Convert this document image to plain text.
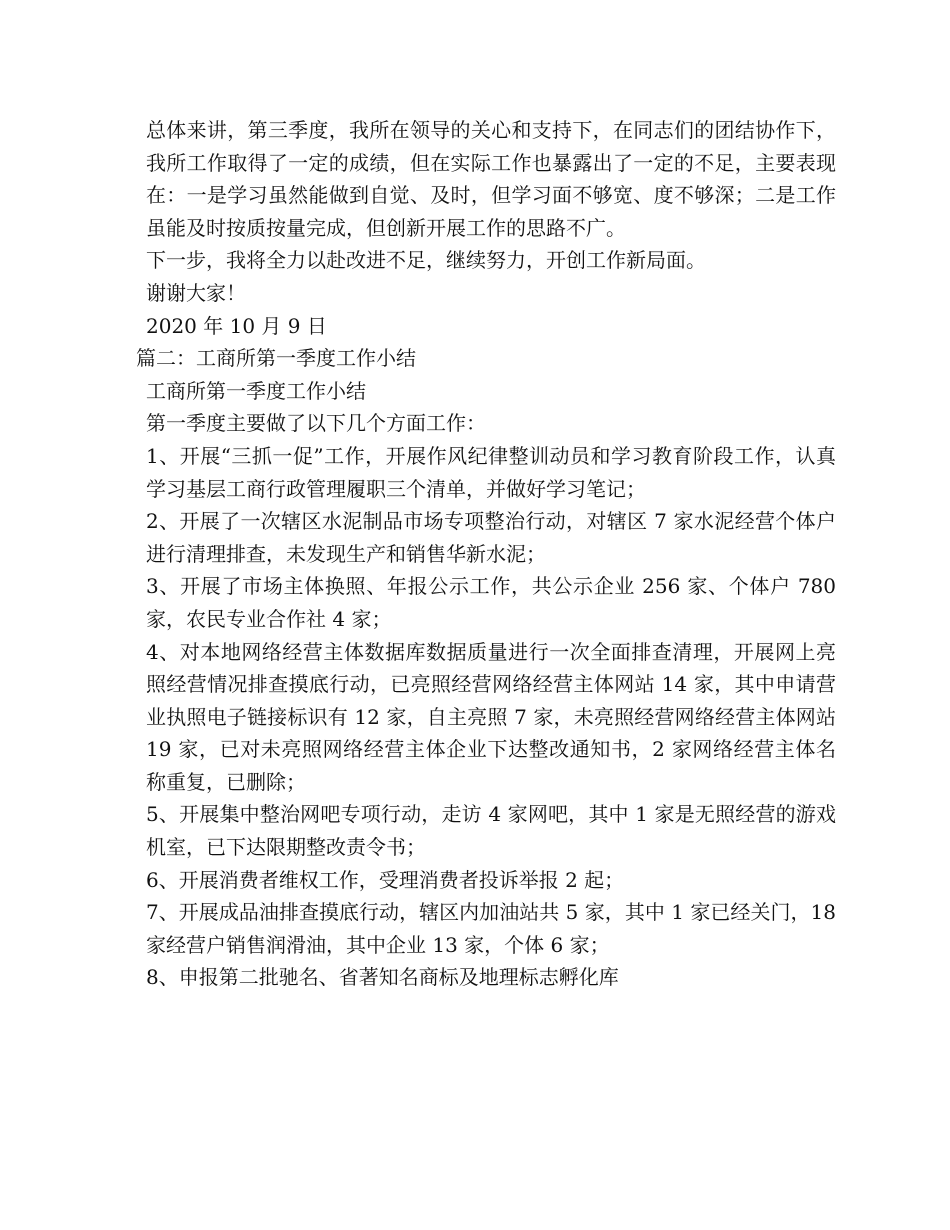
总体来讲，第三季度，我所在领导的关心和支持下，在同志们的团结协作下，我所工作取得了一定的成绩，但在实际工作也暴露出了一定的不足，主要表现在：一是学习虽然能做到自觉、及时，但学习面不够宽、度不够深；二是工作虽能及时按质按量完成，但创新开展工作的思路不广。

下一步，我将全力以赴改进不足，继续努力，开创工作新局面。

谢谢大家！

2020 年 10 月 9 日

篇二：工商所第一季度工作小结

工商所第一季度工作小结

第一季度主要做了以下几个方面工作：

1、开展“三抓一促”工作，开展作风纪律整训动员和学习教育阶段工作，认真学习基层工商行政管理履职三个清单，并做好学习笔记；

2、开展了一次辖区水泥制品市场专项整治行动，对辖区 7 家水泥经营个体户进行清理排查，未发现生产和销售华新水泥；

3、开展了市场主体换照、年报公示工作，共公示企业 256 家、个体户 780 家，农民专业合作社 4 家；

4、对本地网络经营主体数据库数据质量进行一次全面排查清理，开展网上亮照经营情况排查摸底行动，已亮照经营网络经营主体网站 14 家，其中申请营业执照电子链接标识有 12 家，自主亮照 7 家，未亮照经营网络经营主体网站 19 家，已对未亮照网络经营主体企业下达整改通知书，2 家网络经营主体名称重复，已删除；

5、开展集中整治网吧专项行动，走访 4 家网吧，其中 1 家是无照经营的游戏机室，已下达限期整改责令书；

6、开展消费者维权工作，受理消费者投诉举报 2 起；

7、开展成品油排查摸底行动，辖区内加油站共 5 家，其中 1 家已经关门，18 家经营户销售润滑油，其中企业 13 家，个体 6 家；

8、申报第二批驰名、省著知名商标及地理标志孵化库
